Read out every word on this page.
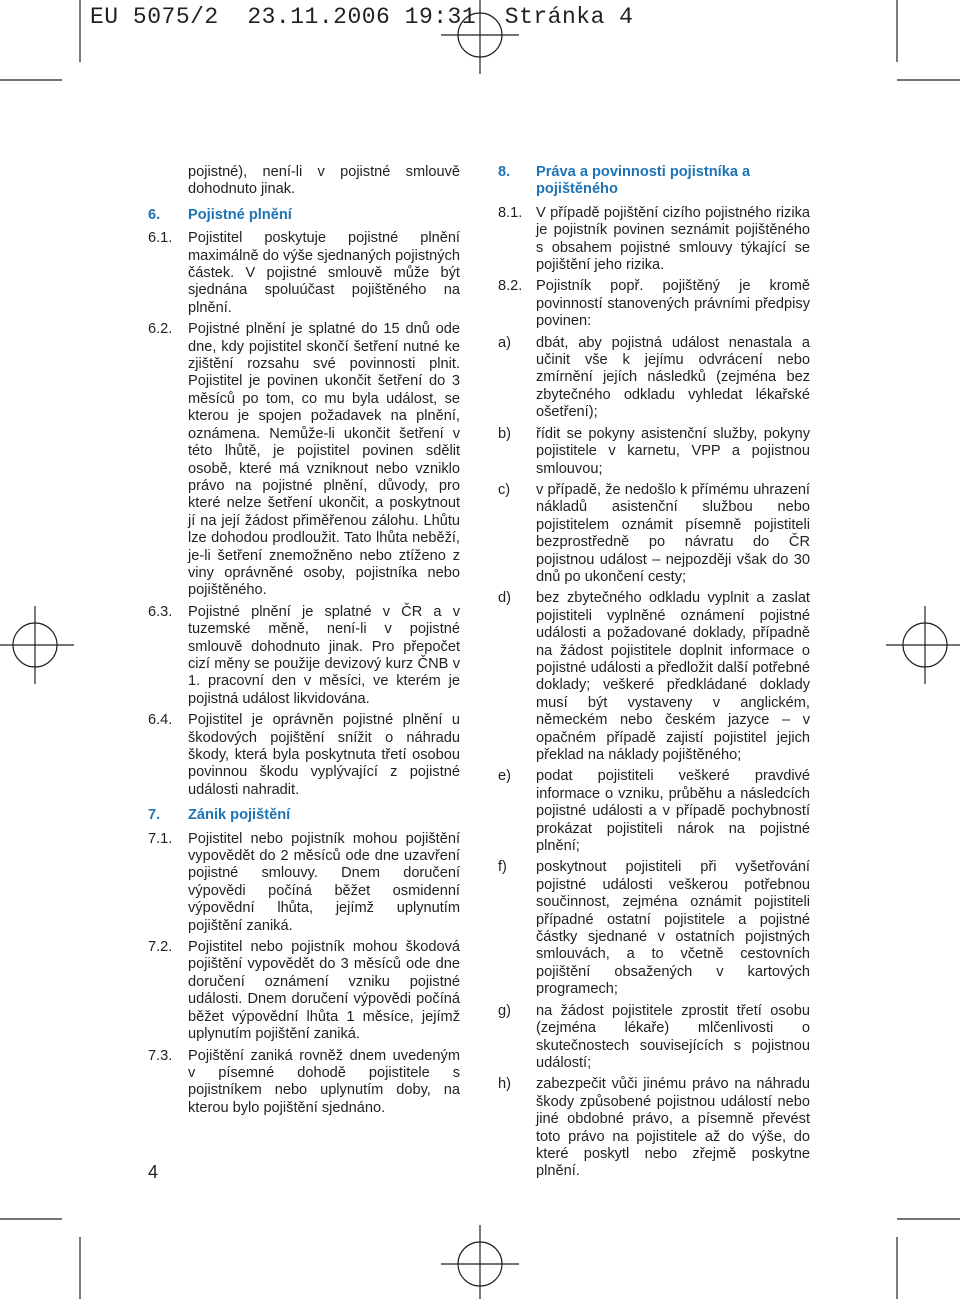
EU 5075/2  23.11.2006 19:31  Stránka 4
pojistné), není-li v pojistné smlouvě dohodnuto jinak.
6. Pojistné plnění
6.1. Pojistitel poskytuje pojistné plnění maximálně do výše sjednaných pojistných částek. V pojistné smlouvě může být sjednána spoluúčast pojištěného na plnění.
6.2. Pojistné plnění je splatné do 15 dnů ode dne, kdy pojistitel skončí šetření nutné ke zjištění rozsahu své povinnosti plnit. Pojistitel je povinen ukončit šetření do 3 měsíců po tom, co mu byla událost, se kterou je spojen požadavek na plnění, oznámena. Nemůže-li ukončit šetření v této lhůtě, je pojistitel povinen sdělit osobě, které má vzniknout nebo vzniklo právo na pojistné plnění, důvody, pro které nelze šetření ukončit, a poskytnout jí na její žádost přiměřenou zálohu. Lhůtu lze dohodou prodloužit. Tato lhůta neběží, je-li šetření znemožněno nebo ztíženo z viny oprávněné osoby, pojistníka nebo pojištěného.
6.3. Pojistné plnění je splatné v ČR a v tuzemské měně, není-li v pojistné smlouvě dohodnuto jinak. Pro přepočet cizí měny se použije devizový kurz ČNB v 1. pracovní den v měsíci, ve kterém je pojistná událost likvidována.
6.4. Pojistitel je oprávněn pojistné plnění u škodových pojištění snížit o náhradu škody, která byla poskytnuta třetí osobou povinnou škodu vyplývající z pojistné události nahradit.
7. Zánik pojištění
7.1. Pojistitel nebo pojistník mohou pojištění vypovědět do 2 měsíců ode dne uzavření pojistné smlouvy. Dnem doručení výpovědi počíná běžet osmidenní výpovědní lhůta, jejímž uplynutím pojištění zaniká.
7.2. Pojistitel nebo pojistník mohou škodová pojištění vypovědět do 3 měsíců ode dne doručení oznámení vzniku pojistné události. Dnem doručení výpovědi počíná běžet výpovědní lhůta 1 měsíce, jejímž uplynutím pojištění zaniká.
7.3. Pojištění zaniká rovněž dnem uvedeným v písemné dohodě pojistitele s pojistníkem nebo uplynutím doby, na kterou bylo pojištění sjednáno.
8. Práva a povinnosti pojistníka a pojištěného
8.1. V případě pojištění cizího pojistného rizika je pojistník povinen seznámit pojištěného s obsahem pojistné smlouvy týkající se pojištění jeho rizika.
8.2. Pojistník popř. pojištěný je kromě povinností stanovených právními předpisy povinen:
a) dbát, aby pojistná událost nenastala a učinit vše k jejímu odvrácení nebo zmírnění jejích následků (zejména bez zbytečného odkladu vyhledat lékařské ošetření);
b) řídit se pokyny asistenční služby, pokyny pojistitele v karnetu, VPP a pojistnou smlouvou;
c) v případě, že nedošlo k přímému uhrazení nákladů asistenční službou nebo pojistitelem oznámit písemně pojistiteli bezprostředně po návratu do ČR pojistnou událost – nejpozději však do 30 dnů po ukončení cesty;
d) bez zbytečného odkladu vyplnit a zaslat pojistiteli vyplněné oznámení pojistné události a požadované doklady, případně na žádost pojistitele doplnit informace o pojistné události a předložit další potřebné doklady; veškeré předkládané doklady musí být vystaveny v anglickém, německém nebo českém jazyce – v opačném případě zajistí pojistitel jejich překlad na náklady pojištěného;
e) podat pojistiteli veškeré pravdivé informace o vzniku, průběhu a následcích pojistné události a v případě pochybností prokázat pojistiteli nárok na pojistné plnění;
f) poskytnout pojistiteli při vyšetřování pojistné události veškerou potřebnou součinnost, zejména oznámit pojistiteli případné ostatní pojistitele a pojistné částky sjednané v ostatních pojistných smlouvách, a to včetně cestovních pojištění obsažených v kartových programech;
g) na žádost pojistitele zprostit třetí osobu (zejména lékaře) mlčenlivosti o skutečnostech souvisejících s pojistnou událostí;
h) zabezpečit vůči jinému právo na náhradu škody způsobené pojistnou událostí nebo jiné obdobné právo, a písemně převést toto právo na pojistitele až do výše, do které poskytl nebo zřejmě poskytne plnění.
4
